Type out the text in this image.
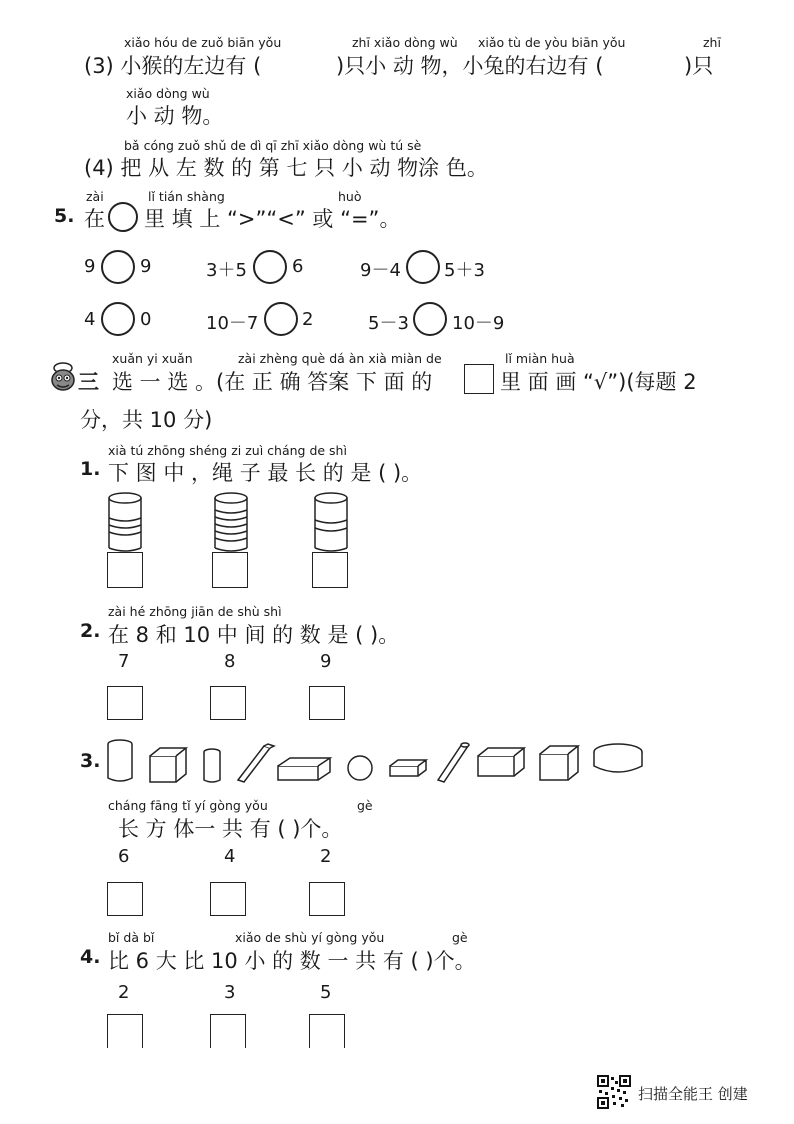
xiǎo hóu de zuǒ biān yǒu	zhī xiǎo dòng wù xiǎo tù de yòu biān yǒu	zhī
(3) 小猴的左边有 (	)只小 动 物，小兔的右边有 (	)只
xiǎo dòng wù
小 动 物。
bǎ cóng zuǒ shǔ de dì qī zhī xiǎo dòng wù tú sè
(4) 把 从 左 数 的 第 七 只 小 动 物涂 色。
5.
zài	lǐ tián shàng	huò
在 里 填 上 “>”“<” 或 “=”。
9 9	3＋5	6	9－4 5＋3
4 0	10－7 2	5－3 10－9
三
xuǎn yi xuǎn	zài zhèng què dá àn xià miàn de	lǐ miàn huà
选 一 选 。(在 正 确 答案 下 面 的	里 面 画 “√”)(每题 2
分，共 10 分)
1.
xià tú zhōng shéng zi zuì cháng de shì
下 图 中 ，绳 子 最 长 的 是 ( )。
2.
zài hé zhōng jiān de shù shì
在 8 和 10 中 间 的 数 是 ( )。
7	8	9
3.
cháng fāng tǐ yí gòng yǒu	gè
长 方 体一 共 有 ( )个。
6	4	2
4.
bǐ dà bǐ	xiǎo de shù yí gòng yǒu	gè
比 6 大 比 10 小 的 数 一 共 有 ( )个。
2	3	5
扫描全能王 创建
